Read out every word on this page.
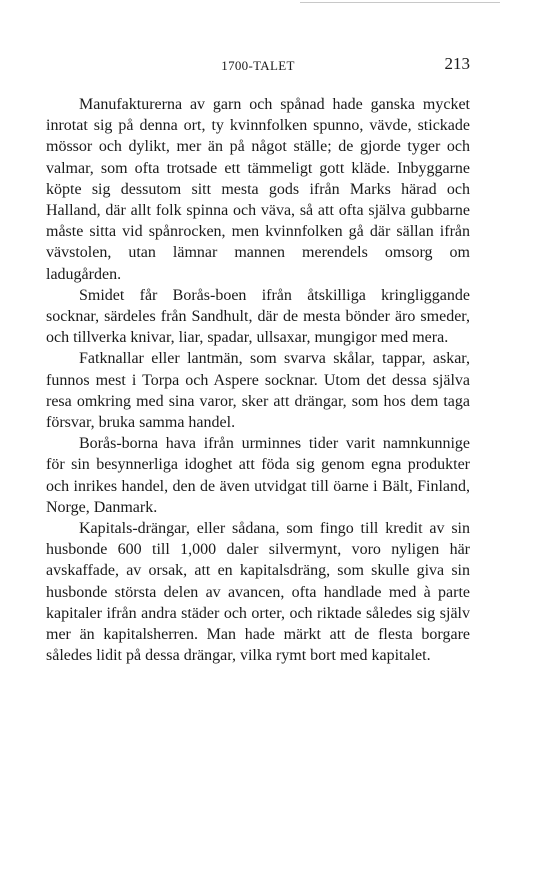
1700-TALET	213

Manufakturerna av garn och spånad hade ganska mycket inrotat sig på denna ort, ty kvinnfolken spunno, vävde, stickade mössor och dylikt, mer än på något ställe; de gjorde tyger och valmar, som ofta trotsade ett tämmeligt gott kläde. Inbyggarne köpte sig dessutom sitt mesta gods ifrån Marks härad och Halland, där allt folk spinna och väva, så att ofta själva gubbarne måste sitta vid spånrocken, men kvinnfolken gå där sällan ifrån vävstolen, utan lämnar mannen merendels omsorg om ladugården.

Smidet får Borås-boen ifrån åtskilliga kringliggande socknar, särdeles från Sandhult, där de mesta bönder äro smeder, och tillverka knivar, liar, spadar, ullsaxar, mungigor med mera.

Fatknallar eller lantmän, som svarva skålar, tappar, askar, funnos mest i Torpa och Aspere socknar. Utom det dessa själva resa omkring med sina varor, sker att drängar, som hos dem taga försvar, bruka samma handel.

Borås-borna hava ifrån urminnes tider varit namnkunnige för sin besynnerliga idoghet att föda sig genom egna produkter och inrikes handel, den de även utvidgat till öarne i Bält, Finland, Norge, Danmark.

Kapitals-drängar, eller sådana, som fingo till kredit av sin husbonde 600 till 1,000 daler silvermynt, voro nyligen här avskaffade, av orsak, att en kapitalsdräng, som skulle giva sin husbonde största delen av avancen, ofta handlade med à parte kapitaler ifrån andra städer och orter, och riktade således sig själv mer än kapitalsherren. Man hade märkt att de flesta borgare således lidit på dessa drängar, vilka rymt bort med kapitalet.
